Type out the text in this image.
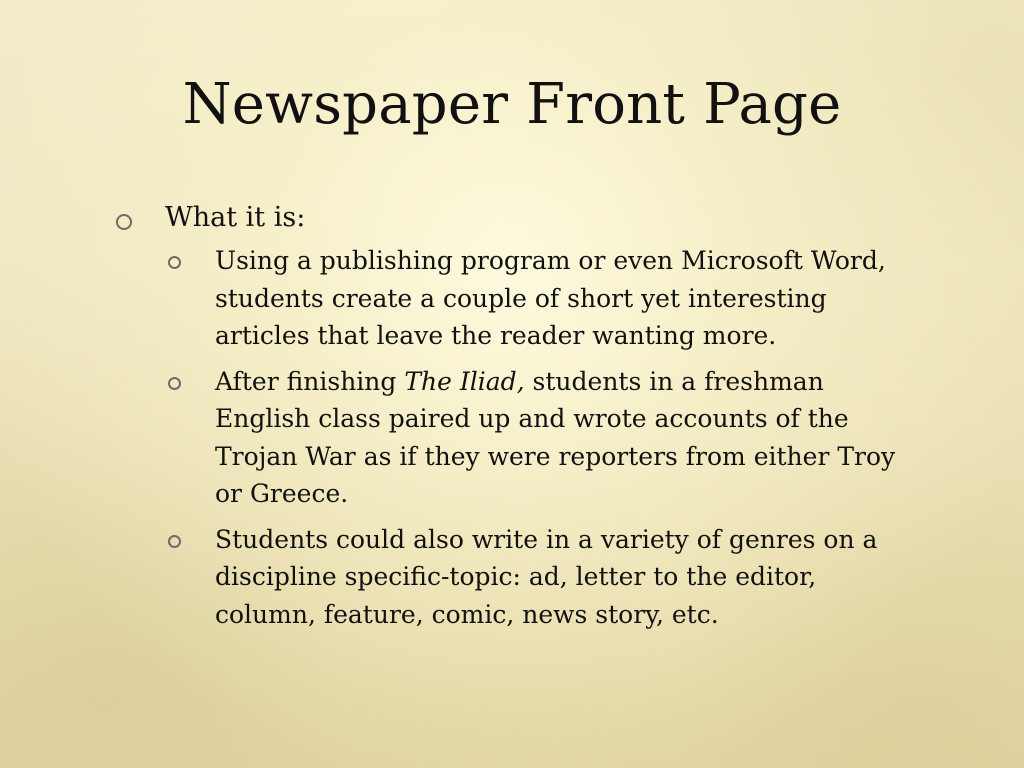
Newspaper Front Page
What it is:
Using a publishing program or even Microsoft Word, students create a couple of short yet interesting articles that leave the reader wanting more.
After finishing The Iliad, students in a freshman English class paired up and wrote accounts of the Trojan War as if they were reporters from either Troy or Greece.
Students could also write in a variety of genres on a discipline specific-topic: ad, letter to the editor, column, feature, comic, news story, etc.
